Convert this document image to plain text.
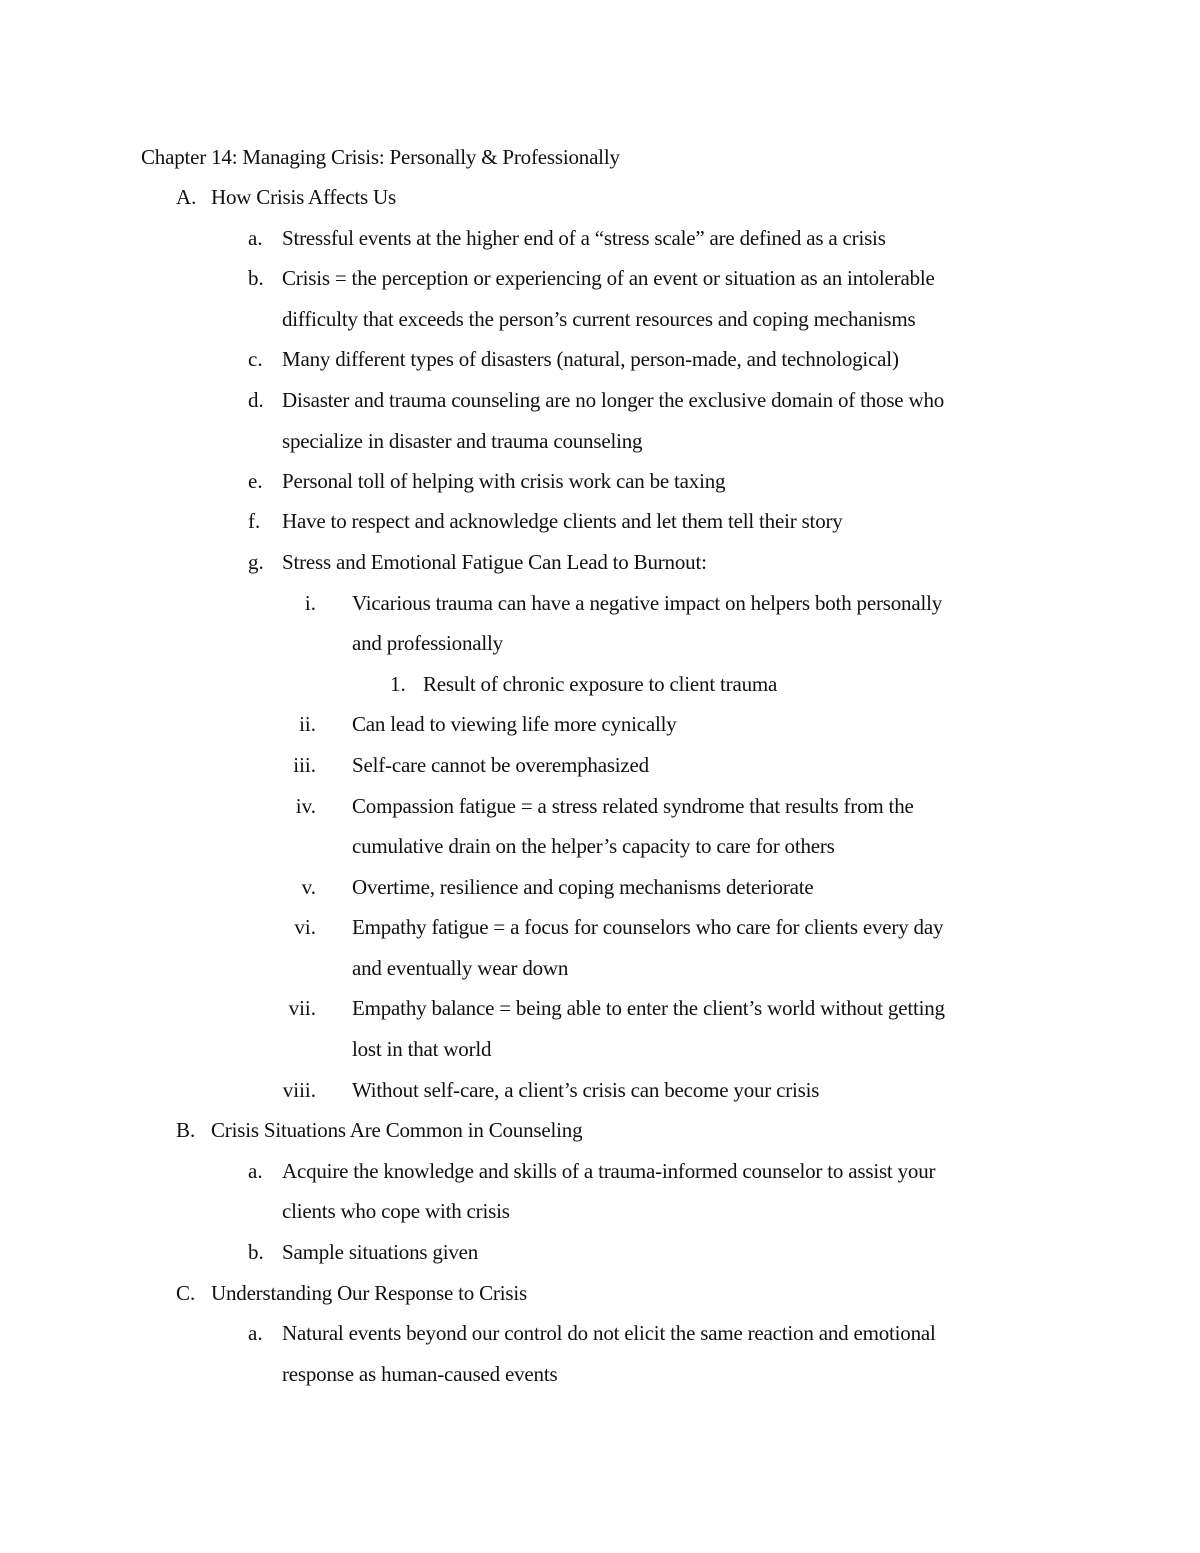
Chapter 14: Managing Crisis: Personally & Professionally
A. How Crisis Affects Us
a. Stressful events at the higher end of a “stress scale” are defined as a crisis
b. Crisis = the perception or experiencing of an event or situation as an intolerable
difficulty that exceeds the person’s current resources and coping mechanisms
c. Many different types of disasters (natural, person-made, and technological)
d. Disaster and trauma counseling are no longer the exclusive domain of those who
specialize in disaster and trauma counseling
e. Personal toll of helping with crisis work can be taxing
f. Have to respect and acknowledge clients and let them tell their story
g. Stress and Emotional Fatigue Can Lead to Burnout:
i. Vicarious trauma can have a negative impact on helpers both personally
and professionally
1. Result of chronic exposure to client trauma
ii. Can lead to viewing life more cynically
iii. Self-care cannot be overemphasized
iv. Compassion fatigue = a stress related syndrome that results from the
cumulative drain on the helper’s capacity to care for others
v. Overtime, resilience and coping mechanisms deteriorate
vi. Empathy fatigue = a focus for counselors who care for clients every day
and eventually wear down
vii. Empathy balance = being able to enter the client’s world without getting
lost in that world
viii. Without self-care, a client’s crisis can become your crisis
B. Crisis Situations Are Common in Counseling
a. Acquire the knowledge and skills of a trauma-informed counselor to assist your
clients who cope with crisis
b. Sample situations given
C. Understanding Our Response to Crisis
a. Natural events beyond our control do not elicit the same reaction and emotional
response as human-caused events
